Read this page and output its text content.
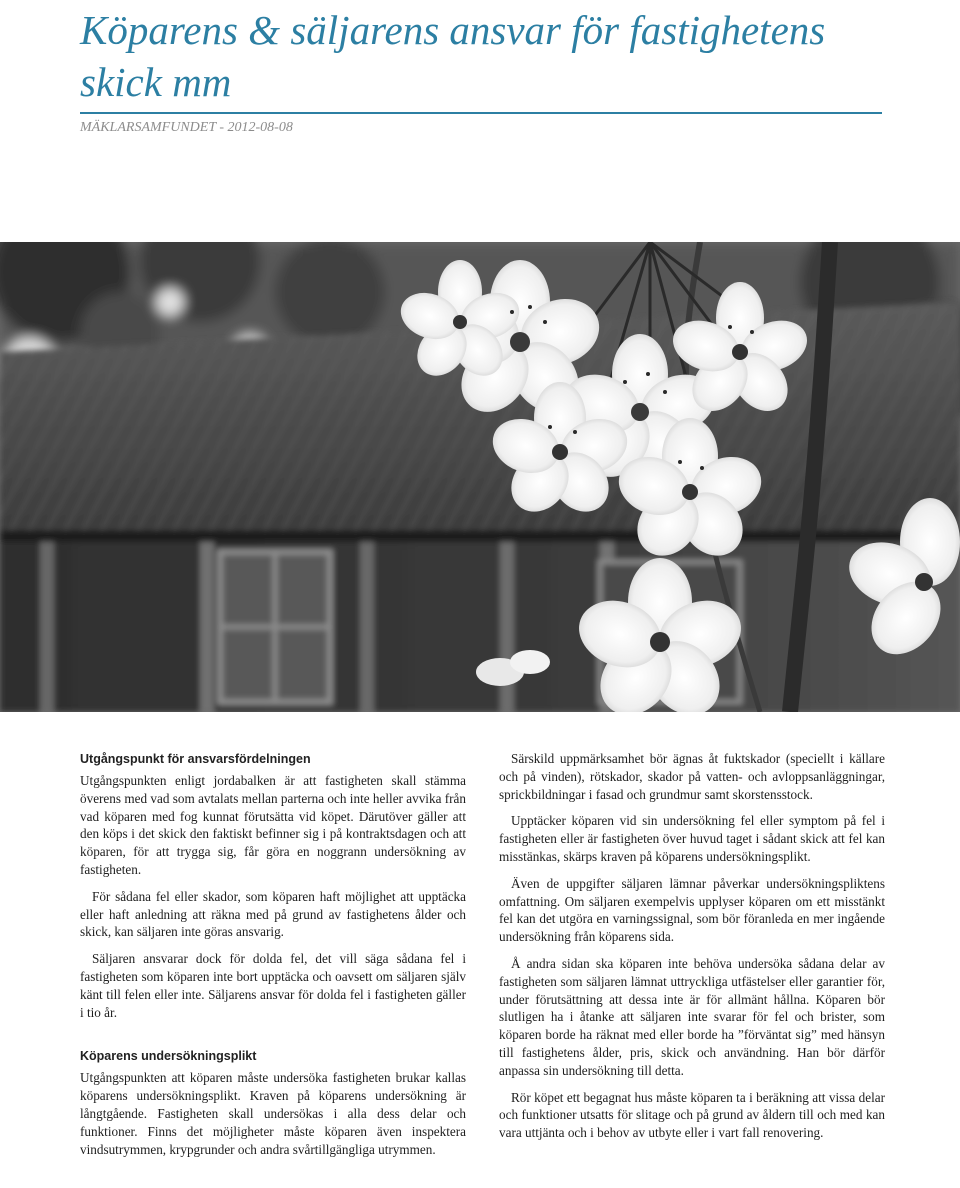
Köparens & säljarens ansvar för fastighetens skick mm
MÄKLARSAMFUNDET - 2012-08-08
Utgångspunkt för ansvarsfördelningen

Utgångspunkten enligt jordabalken är att fastigheten skall stämma överens med vad som avtalats mellan parterna och inte heller avvika från vad köparen med fog kunnat förutsätta vid köpet. Därutöver gäller att den köps i det skick den faktiskt befinner sig i på kontraktsdagen och att köparen, för att trygga sig, får göra en noggrann undersökning av fastigheten.

För sådana fel eller skador, som köparen haft möjlighet att upptäcka eller haft anledning att räkna med på grund av fastighetens ålder och skick, kan säljaren inte göras ansvarig.

Säljaren ansvarar dock för dolda fel, det vill säga sådana fel i fastigheten som köparen inte bort upptäcka och oavsett om säljaren själv känt till felen eller inte. Säljarens ansvar för dolda fel i fastigheten gäller i tio år.

Köparens undersökningsplikt

Utgångspunkten att köparen måste undersöka fastigheten brukar kallas köparens undersökningsplikt. Kraven på köparens undersökning är långtgående. Fastigheten skall undersökas i alla dess delar och funktioner. Finns det möjligheter måste köparen även inspektera vindsutrymmen, krypgrunder och andra svårtillgängliga utrymmen.

Särskild uppmärksamhet bör ägnas åt fuktskador (speciellt i källare och på vinden), rötskador, skador på vatten- och avloppsanläggningar, sprickbildningar i fasad och grundmur samt skorstensstock.

Upptäcker köparen vid sin undersökning fel eller symptom på fel i fastigheten eller är fastigheten över huvud taget i sådant skick att fel kan misstänkas, skärps kraven på köparens undersökningsplikt.

Även de uppgifter säljaren lämnar påverkar undersökningspliktens omfattning. Om säljaren exempelvis upplyser köparen om ett misstänkt fel kan det utgöra en varningssignal, som bör föranleda en mer ingående undersökning från köparens sida.

Å andra sidan ska köparen inte behöva undersöka sådana delar av fastigheten som säljaren lämnat uttryckliga utfästelser eller garantier för, under förutsättning att dessa inte är för allmänt hållna. Köparen bör slutligen ha i åtanke att säljaren inte svarar för fel och brister, som köparen borde ha räknat med eller borde ha ”förväntat sig” med hänsyn till fastighetens ålder, pris, skick och användning. Han bör därför anpassa sin undersökning till detta.

Rör köpet ett begagnat hus måste köparen ta i beräkning att vissa delar och funktioner utsatts för slitage och på grund av åldern till och med kan vara uttjänta och i behov av utbyte eller i vart fall renovering.
